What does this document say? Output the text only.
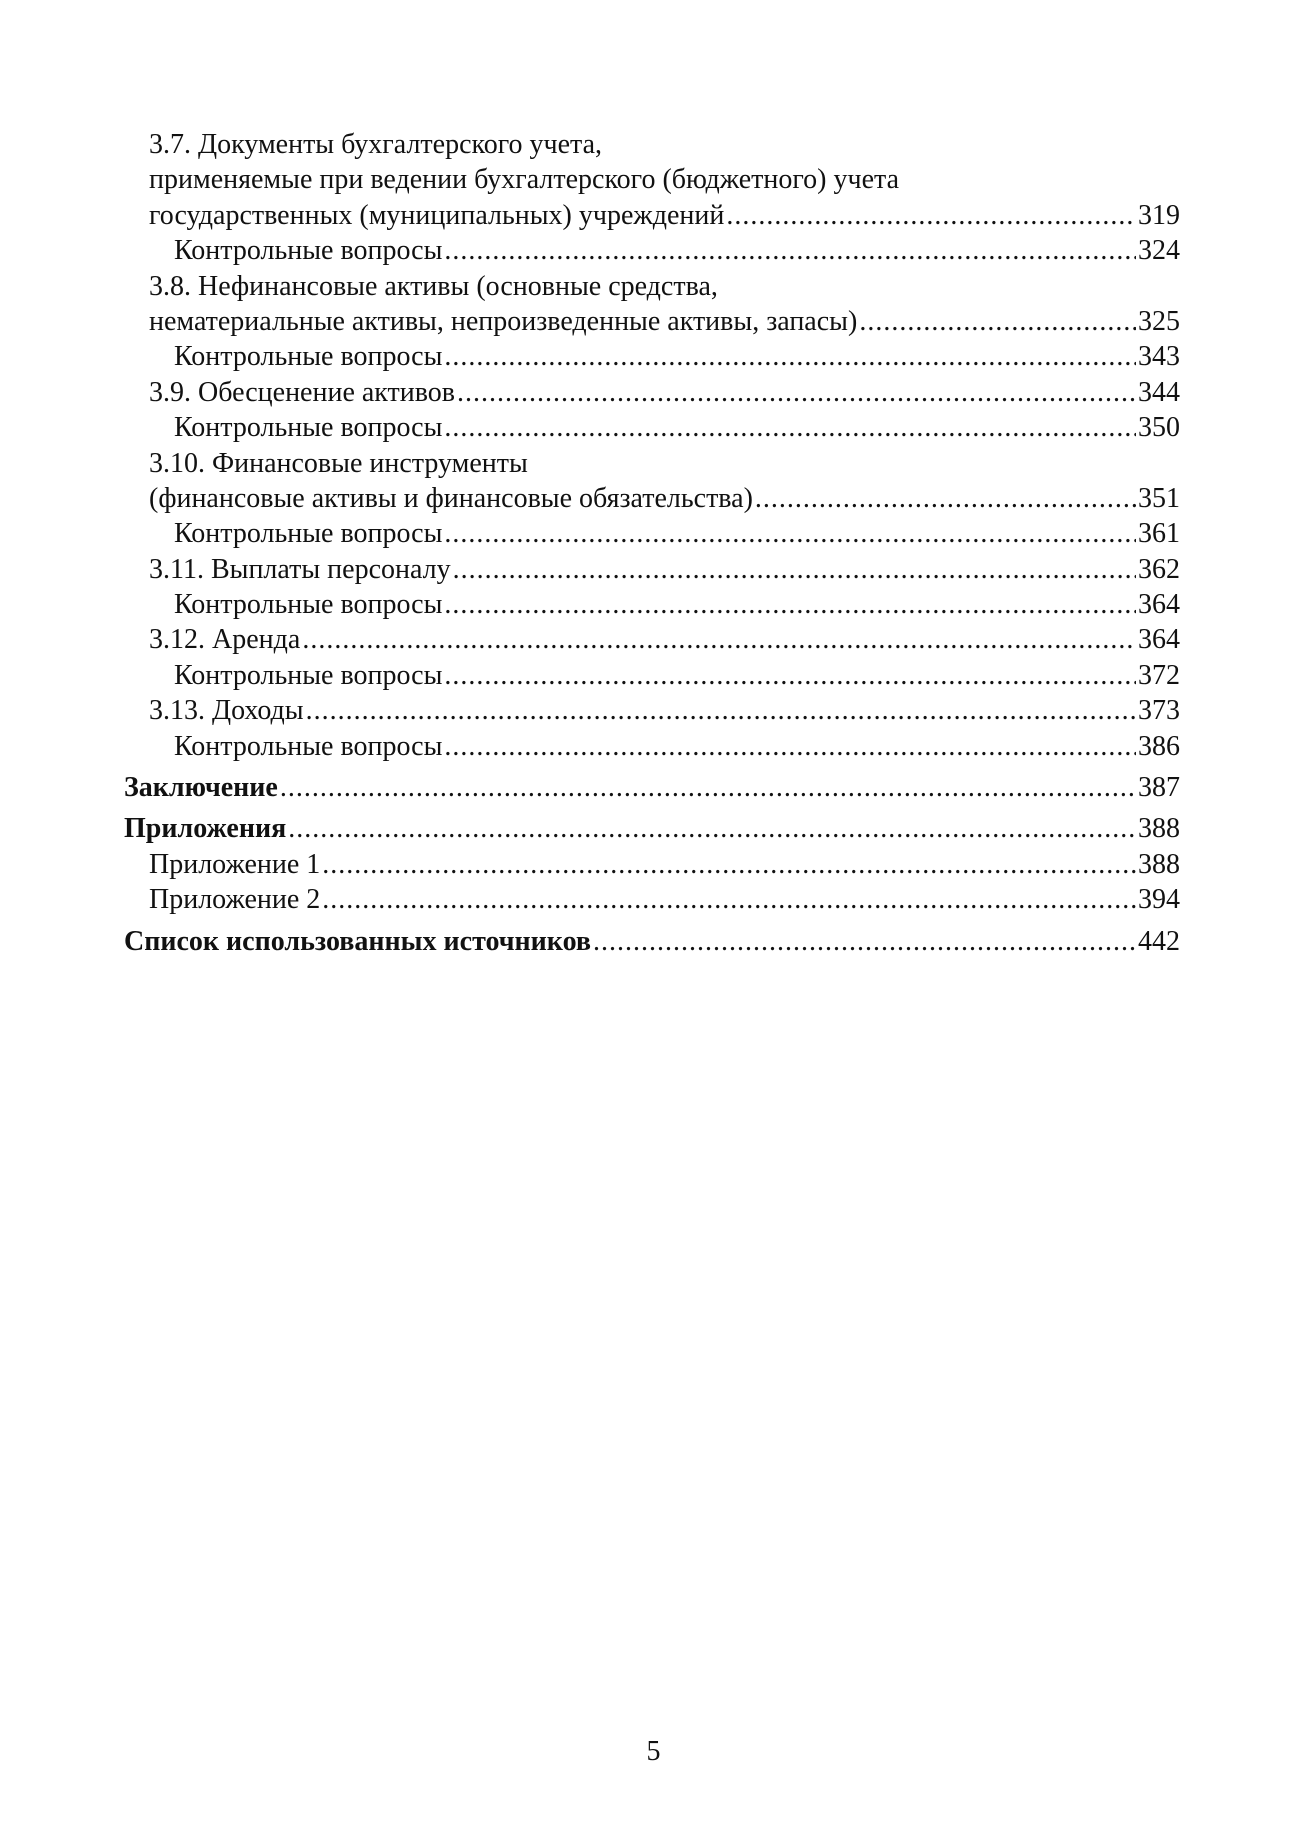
3.7. Документы бухгалтерского учета,
применяемые при ведении бухгалтерского (бюджетного) учета
государственных (муниципальных) учреждений .....	319
Контрольные вопросы .....	324
3.8. Нефинансовые активы (основные средства,
нематериальные активы, непроизведенные активы, запасы) .....	325
Контрольные вопросы .....	343
3.9. Обесценение активов .....	344
Контрольные вопросы .....	350
3.10. Финансовые инструменты
(финансовые активы и финансовые обязательства) .....	351
Контрольные вопросы .....	361
3.11. Выплаты персоналу .....	362
Контрольные вопросы .....	364
3.12. Аренда .....	364
Контрольные вопросы .....	372
3.13. Доходы .....	373
Контрольные вопросы .....	386
Заключение .....	387
Приложения .....	388
Приложение 1 .....	388
Приложение 2 .....	394
Список использованных источников .....	442
5
